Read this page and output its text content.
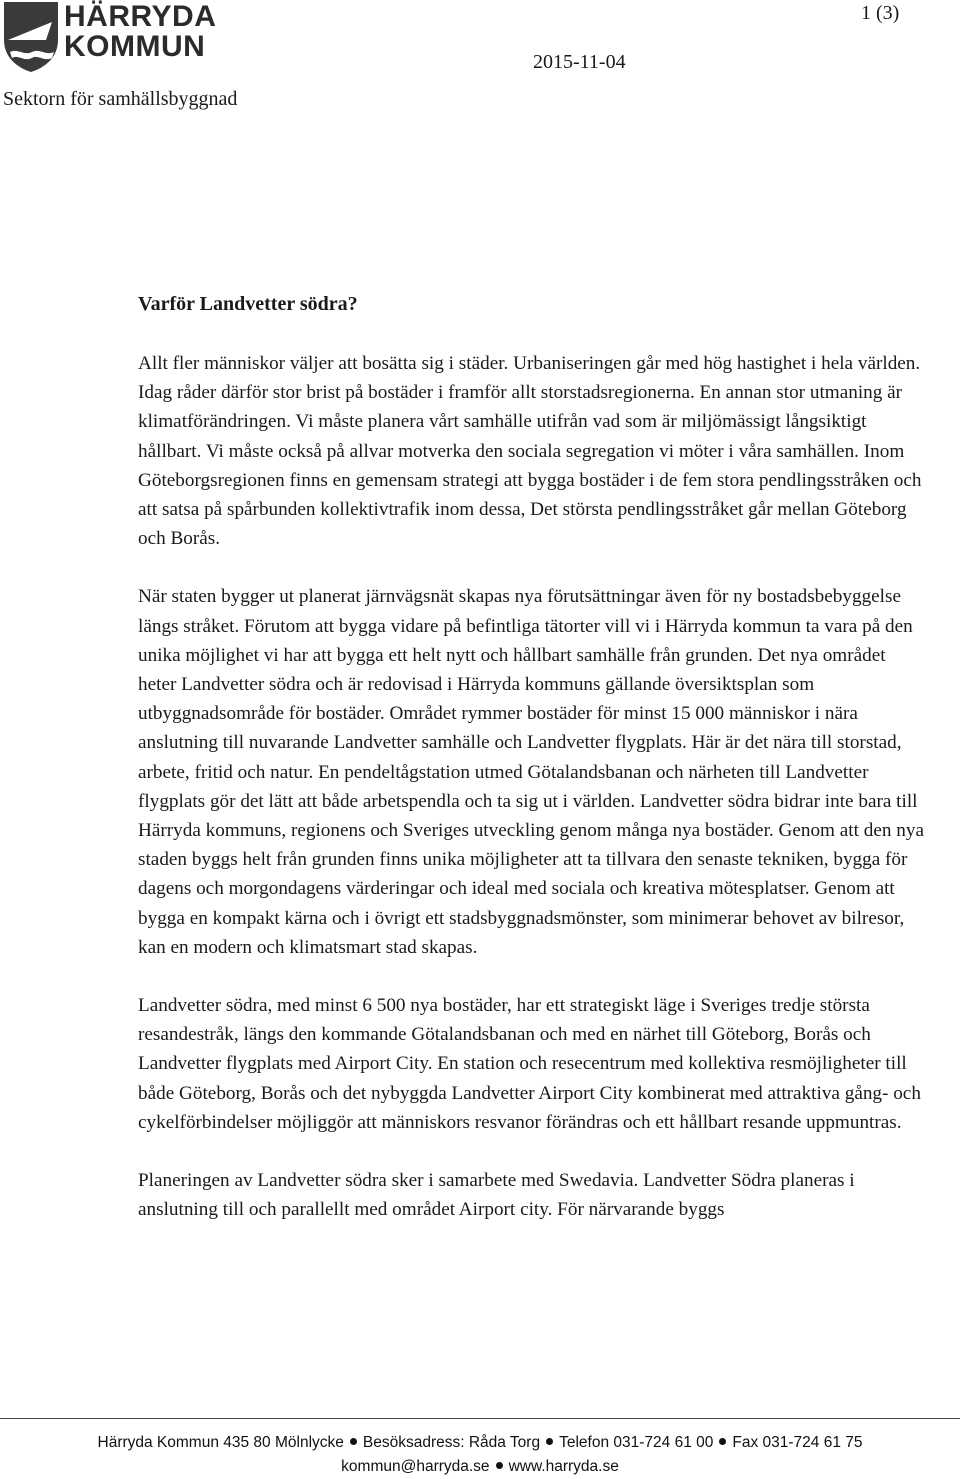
HÄRRYDA
KOMMUN
Sektorn för samhällsbyggnad
2015-11-04
1 (3)
Varför Landvetter södra?

Allt fler människor väljer att bosätta sig i städer. Urbaniseringen går med hög hastighet i hela världen. Idag råder därför stor brist på bostäder i framför allt storstadsregionerna. En annan stor utmaning är klimatförändringen. Vi måste planera vårt samhälle utifrån vad som är miljömässigt långsiktigt hållbart. Vi måste också på allvar motverka den sociala segregation vi möter i våra samhällen. Inom Göteborgsregionen finns en gemensam strategi att bygga bostäder i de fem stora pendlingsstråken och att satsa på spårbunden kollektivtrafik inom dessa, Det största pendlingsstråket går mellan Göteborg och Borås.

När staten bygger ut planerat järnvägsnät skapas nya förutsättningar även för ny bostadsbebyggelse längs stråket. Förutom att bygga vidare på befintliga tätorter vill vi i Härryda kommun ta vara på den unika möjlighet vi har att bygga ett helt nytt och hållbart samhälle från grunden. Det nya området heter Landvetter södra och är redovisad i Härryda kommuns gällande översiktsplan som utbyggnadsområde för bostäder. Området rymmer bostäder för minst 15 000 människor i nära anslutning till nuvarande Landvetter samhälle och Landvetter flygplats. Här är det nära till storstad, arbete, fritid och natur. En pendeltågstation utmed Götalandsbanan och närheten till Landvetter flygplats gör det lätt att både arbetspendla och ta sig ut i världen. Landvetter södra bidrar inte bara till Härryda kommuns, regionens och Sveriges utveckling genom många nya bostäder. Genom att den nya staden byggs helt från grunden finns unika möjligheter att ta tillvara den senaste tekniken, bygga för dagens och morgondagens värderingar och ideal med sociala och kreativa mötesplatser. Genom att bygga en kompakt kärna och i övrigt ett stadsbyggnadsmönster, som minimerar behovet av bilresor, kan en modern och klimatsmart stad skapas.

Landvetter södra, med minst 6 500 nya bostäder, har ett strategiskt läge i Sveriges tredje största resandestråk, längs den kommande Götalandsbanan och med en närhet till Göteborg, Borås och Landvetter flygplats med Airport City. En station och resecentrum med kollektiva resmöjligheter till både Göteborg, Borås och det nybyggda Landvetter Airport City kombinerat med attraktiva gång- och cykelförbindelser möjliggör att människors resvanor förändras och ett hållbart resande uppmuntras.

Planeringen av Landvetter södra sker i samarbete med Swedavia. Landvetter Södra planeras i anslutning till och parallellt med området Airport city. För närvarande byggs

Härryda Kommun 435 80 Mölnlycke Besöksadress: Råda Torg Telefon 031-724 61 00 Fax 031-724 61 75
kommun@harryda.se www.harryda.se
